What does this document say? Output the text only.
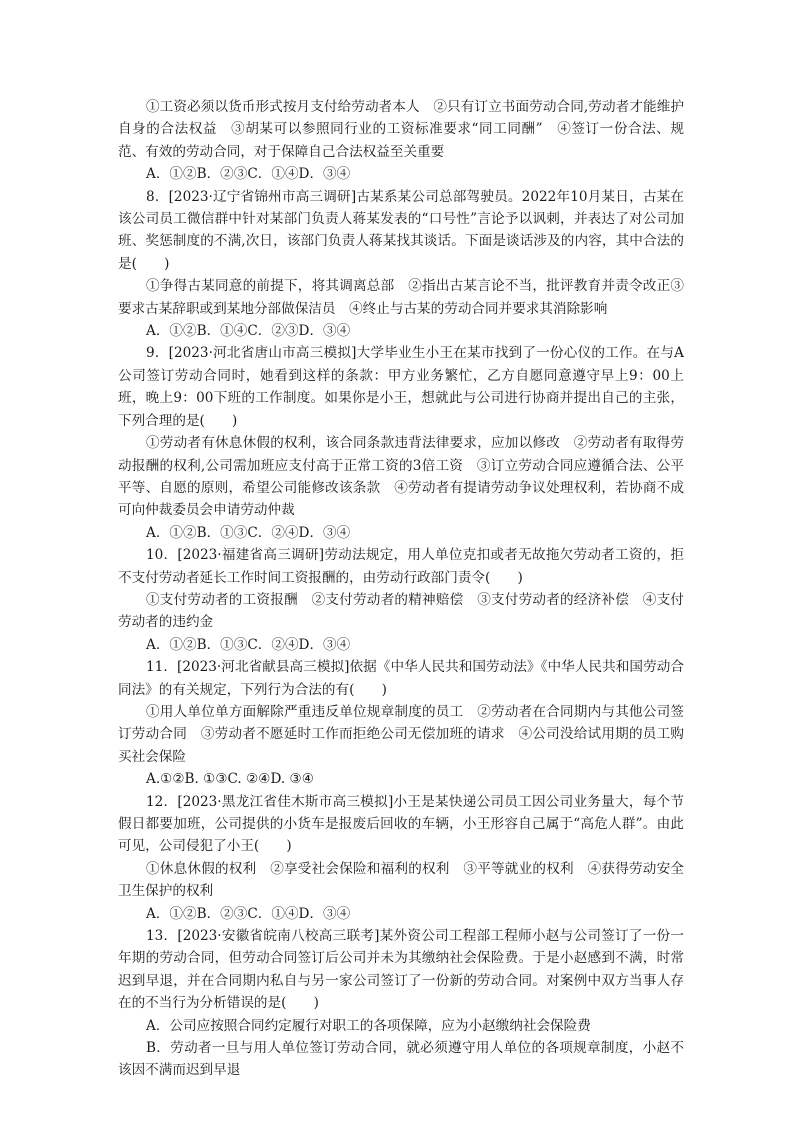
①工资必须以货币形式按月支付给劳动者本人　②只有订立书面劳动合同,劳动者才能维护自身的合法权益　③胡某可以参照同行业的工资标准要求“同工同酬”　④签订一份合法、规范、有效的劳动合同，对于保障自己合法权益至关重要

A．①②B．②③C．①④D．③④

8．[2023·辽宁省锦州市高三调研]古某系某公司总部驾驶员。2022年10月某日，古某在该公司员工微信群中针对某部门负责人蒋某发表的“口号性”言论予以讽刺，并表达了对公司加班、奖惩制度的不满,次日，该部门负责人蒋某找其谈话。下面是谈话涉及的内容，其中合法的是(　　)

①争得古某同意的前提下，将其调离总部　②指出古某言论不当，批评教育并责令改正③要求古某辞职或到某地分部做保洁员　④终止与古某的劳动合同并要求其消除影响

A．①②B．①④C．②③D．③④

9．[2023·河北省唐山市高三模拟]大学毕业生小王在某市找到了一份心仪的工作。在与A公司签订劳动合同时，她看到这样的条款：甲方业务繁忙，乙方自愿同意遵守早上9：00上班，晚上9：00下班的工作制度。如果你是小王，想就此与公司进行协商并提出自己的主张，下列合理的是(　　)

①劳动者有休息休假的权利，该合同条款违背法律要求，应加以修改　②劳动者有取得劳动报酬的权利,公司需加班应支付高于正常工资的3倍工资　③订立劳动合同应遵循合法、公平平等、自愿的原则，希望公司能修改该条款　④劳动者有提请劳动争议处理权利，若协商不成可向仲裁委员会申请劳动仲裁

A．①②B．①③C．②④D．③④

10．[2023·福建省高三调研]劳动法规定，用人单位克扣或者无故拖欠劳动者工资的，拒不支付劳动者延长工作时间工资报酬的，由劳动行政部门责令(　　)

①支付劳动者的工资报酬　②支付劳动者的精神赔偿　③支付劳动者的经济补偿　④支付劳动者的违约金

A．①②B．①③C．②④D．③④

11．[2023·河北省献县高三模拟]依据《中华人民共和国劳动法》《中华人民共和国劳动合同法》的有关规定，下列行为合法的有(　　)

①用人单位单方面解除严重违反单位规章制度的员工　②劳动者在合同期内与其他公司签订劳动合同　③劳动者不愿延时工作而拒绝公司无偿加班的请求　④公司没给试用期的员工购买社会保险

A.①②B. ①③C. ②④D. ③④

12．[2023·黑龙江省佳木斯市高三模拟]小王是某快递公司员工因公司业务量大，每个节假日都要加班，公司提供的小货车是报废后回收的车辆，小王形容自己属于“高危人群”。由此可见，公司侵犯了小王(　　)

①休息休假的权利　②享受社会保险和福利的权利　③平等就业的权利　④获得劳动安全卫生保护的权利

A．①②B．②③C．①④D．③④

13．[2023·安徽省皖南八校高三联考]某外资公司工程部工程师小赵与公司签订了一份一年期的劳动合同，但劳动合同签订后公司并未为其缴纳社会保险费。于是小赵感到不满，时常迟到早退，并在合同期内私自与另一家公司签订了一份新的劳动合同。对案例中双方当事人存在的不当行为分析错误的是(　　)

A．公司应按照合同约定履行对职工的各项保障，应为小赵缴纳社会保险费

B．劳动者一旦与用人单位签订劳动合同，就必须遵守用人单位的各项规章制度，小赵不该因不满而迟到早退
